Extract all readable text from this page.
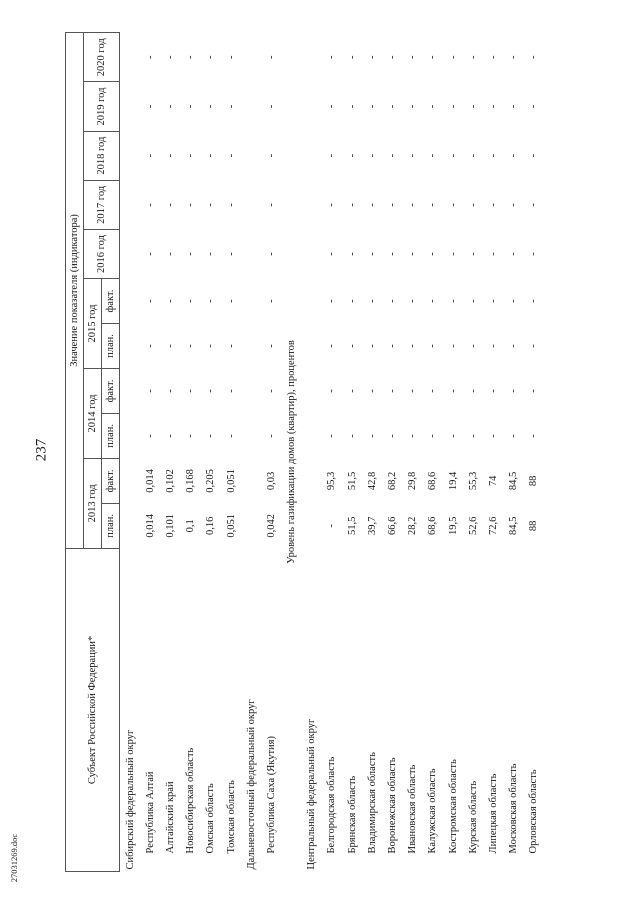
237
27031269.doc
Субъект Российской Федерации*	Значение показателя (индикатора)										
	2013 год		2014 год		2015 год		2016 год	2017 год	2018 год	2019 год	2020 год
	план.	факт.	план.	факт.	план.	факт.					
Сибирский федеральный округ											
Республика Алтай	0,014	0,014	-	-	-	-	-	-	-	-	-
Алтайский край	0,101	0,102	-	-	-	-	-	-	-	-	-
Новосибирская область	0,1	0,168	-	-	-	-	-	-	-	-	-
Омская область	0,16	0,205	-	-	-	-	-	-	-	-	-
Томская область	0,051	0,051	-	-	-	-	-	-	-	-	-
Дальневосточный федеральный округ											
Республика Саха (Якутия)	0,042	0,03	-	-	-	-	-	-	-	-	-
Уровень газификации домов (квартир), процентов											
Центральный федеральный округ											
Белгородская область	-	95,3	-	-	-	-	-	-	-	-	-
Брянская область	51,5	51,5	-	-	-	-	-	-	-	-	-
Владимирская область	39,7	42,8	-	-	-	-	-	-	-	-	-
Воронежская область	66,6	68,2	-	-	-	-	-	-	-	-	-
Ивановская область	28,2	29,8	-	-	-	-	-	-	-	-	-
Калужская область	68,6	68,6	-	-	-	-	-	-	-	-	-
Костромская область	19,5	19,4	-	-	-	-	-	-	-	-	-
Курская область	52,6	55,3	-	-	-	-	-	-	-	-	-
Липецкая область	72,6	74	-	-	-	-	-	-	-	-	-
Московская область	84,5	84,5	-	-	-	-	-	-	-	-	-
Орловская область	88	88	-	-	-	-	-	-	-	-	-
